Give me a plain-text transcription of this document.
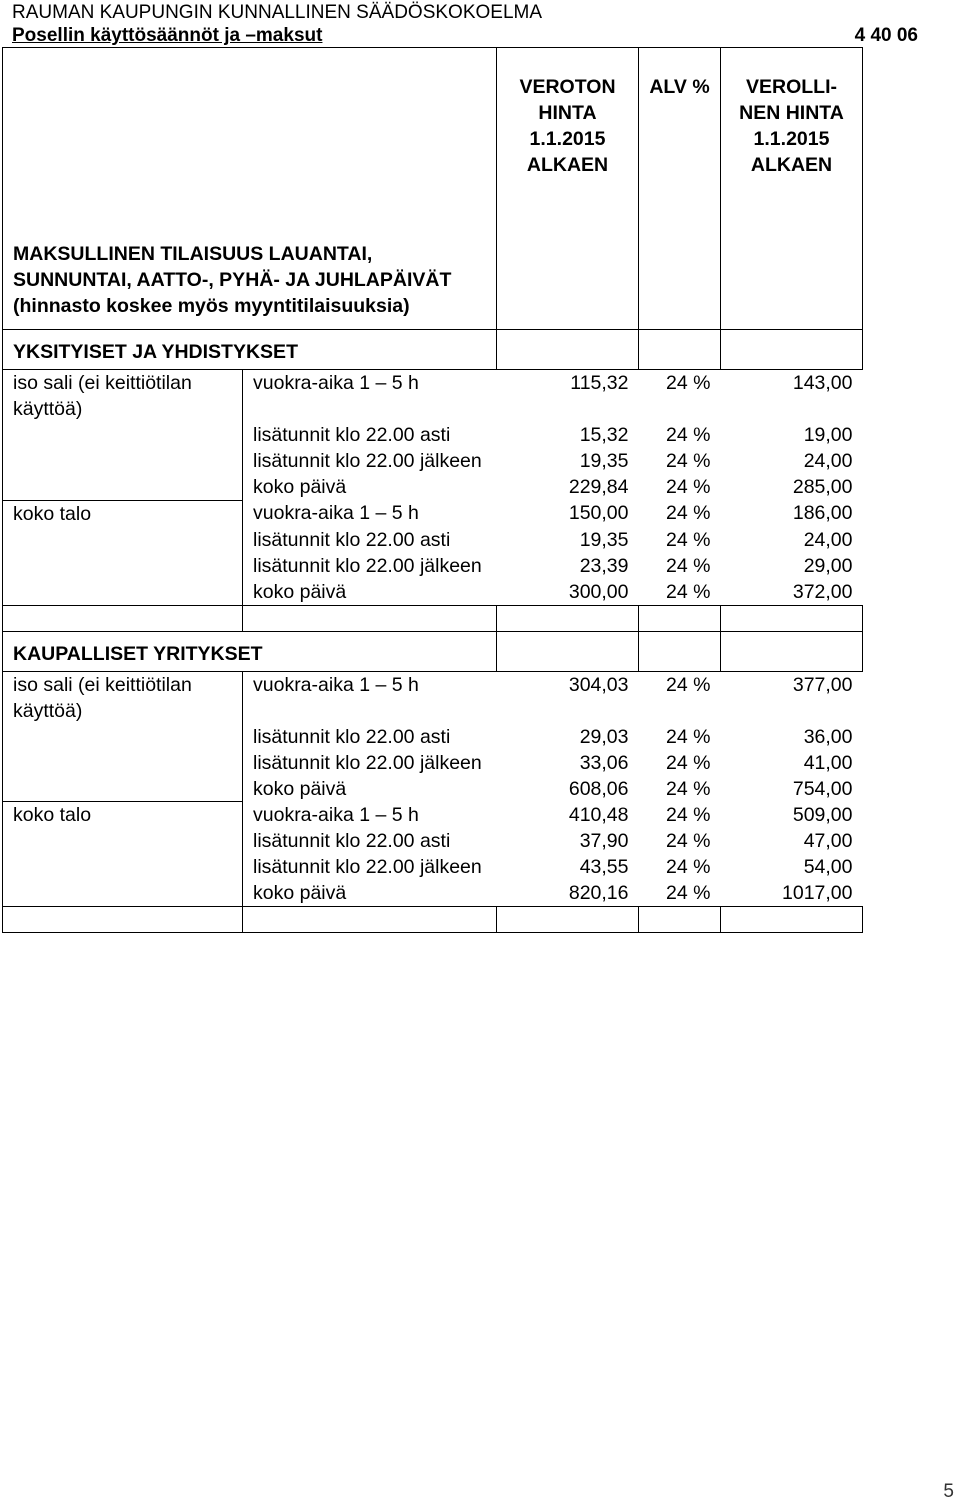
RAUMAN KAUPUNGIN KUNNALLINEN SÄÄDÖSKOKOELMA
Posellin käyttösäännöt ja –maksut	4 40 06
MAKSULLINEN TILAISUUS LAUANTAI, SUNNUNTAI, AATTO-, PYHÄ- JA JUHLAPÄIVÄT (hinnasto koskee myös myyntitilaisuuksia)		VEROTON HINTA 1.1.2015 ALKAEN	ALV %	VEROLLI-NEN HINTA 1.1.2015 ALKAEN

YKSITYISET JA YHDISTYKSET				
iso sali (ei keittiötilan käyttöä)	vuokra-aika 1 – 5 h	115,32	24 %	143,00
	lisätunnit klo 22.00 asti	15,32	24 %	19,00
	lisätunnit klo 22.00 jälkeen	19,35	24 %	24,00
	koko päivä	229,84	24 %	285,00
koko talo	vuokra-aika 1 – 5 h	150,00	24 %	186,00
	lisätunnit klo 22.00 asti	19,35	24 %	24,00
	lisätunnit klo 22.00 jälkeen	23,39	24 %	29,00
	koko päivä	300,00	24 %	372,00

KAUPALLISET YRITYKSET				
iso sali (ei keittiötilan käyttöä)	vuokra-aika 1 – 5 h	304,03	24 %	377,00
	lisätunnit klo 22.00 asti	29,03	24 %	36,00
	lisätunnit klo 22.00 jälkeen	33,06	24 %	41,00
	koko päivä	608,06	24 %	754,00
koko talo	vuokra-aika 1 – 5 h	410,48	24 %	509,00
	lisätunnit klo 22.00 asti	37,90	24 %	47,00
	lisätunnit klo 22.00 jälkeen	43,55	24 %	54,00
	koko päivä	820,16	24 %	1017,00

5
